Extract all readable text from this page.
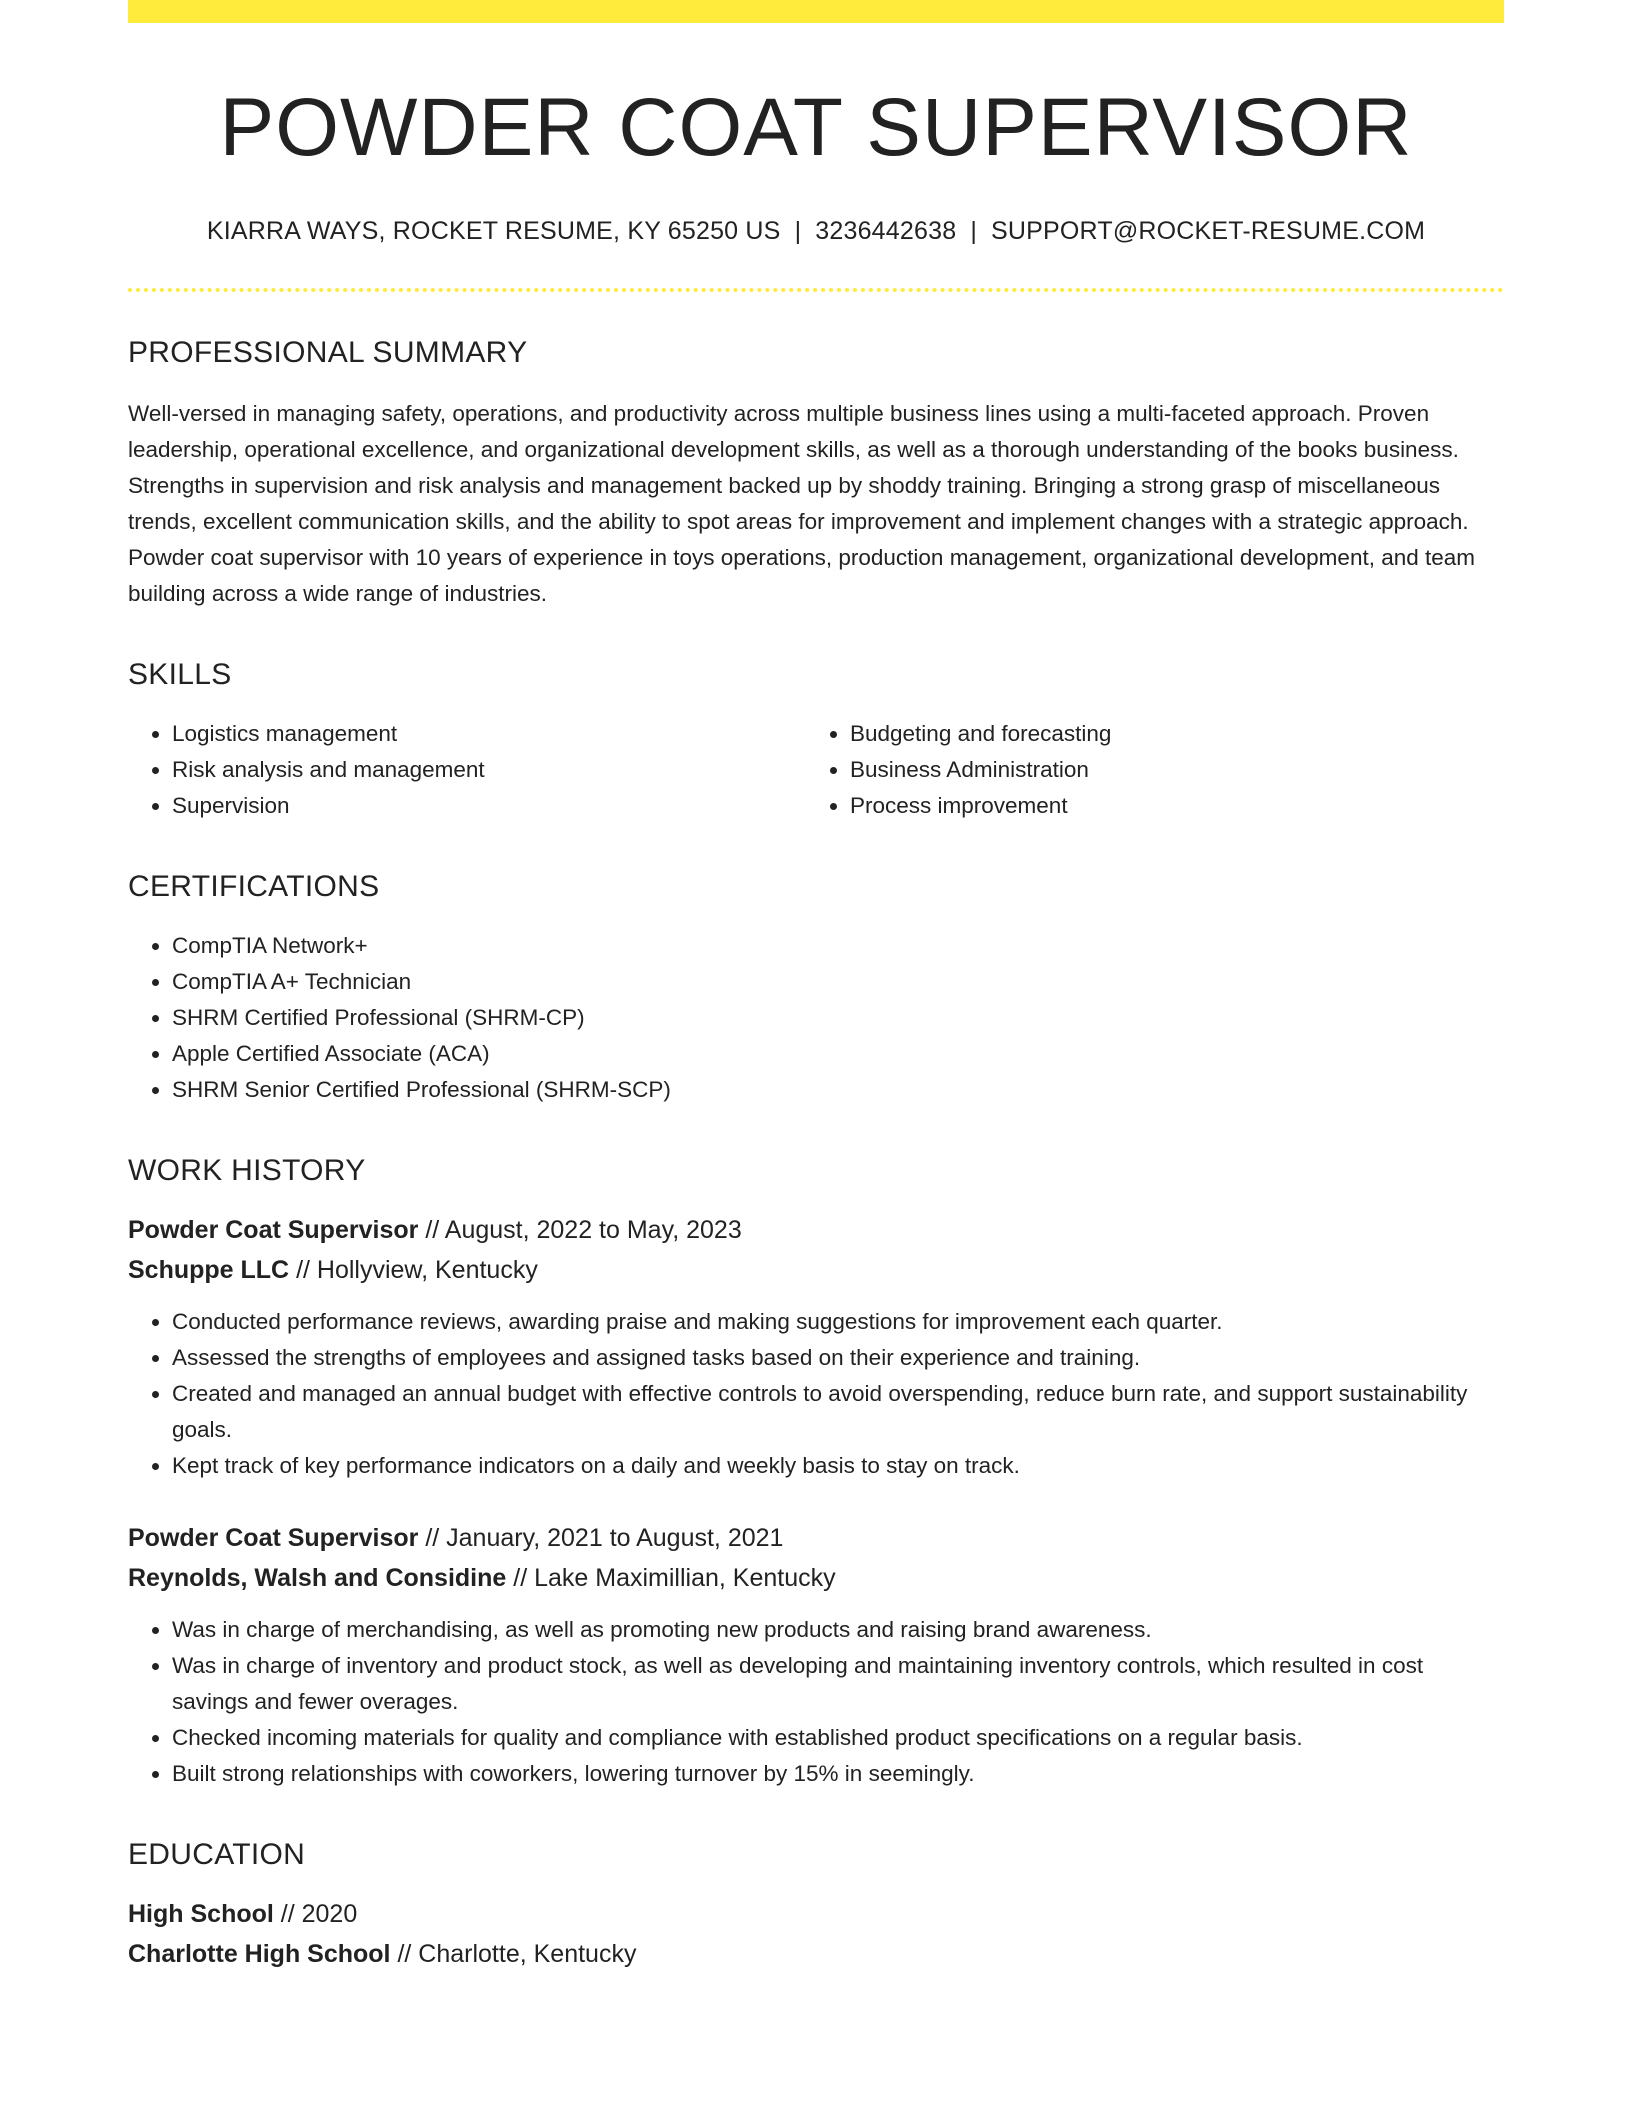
POWDER COAT SUPERVISOR
KIARRA WAYS, ROCKET RESUME, KY 65250 US | 3236442638 | SUPPORT@ROCKET-RESUME.COM
PROFESSIONAL SUMMARY
Well-versed in managing safety, operations, and productivity across multiple business lines using a multi-faceted approach. Proven leadership, operational excellence, and organizational development skills, as well as a thorough understanding of the books business. Strengths in supervision and risk analysis and management backed up by shoddy training. Bringing a strong grasp of miscellaneous trends, excellent communication skills, and the ability to spot areas for improvement and implement changes with a strategic approach. Powder coat supervisor with 10 years of experience in toys operations, production management, organizational development, and team building across a wide range of industries.
SKILLS
• Logistics management
• Risk analysis and management
• Supervision
• Budgeting and forecasting
• Business Administration
• Process improvement
CERTIFICATIONS
• CompTIA Network+
• CompTIA A+ Technician
• SHRM Certified Professional (SHRM-CP)
• Apple Certified Associate (ACA)
• SHRM Senior Certified Professional (SHRM-SCP)
WORK HISTORY
Powder Coat Supervisor // August, 2022 to May, 2023
Schuppe LLC // Hollyview, Kentucky
• Conducted performance reviews, awarding praise and making suggestions for improvement each quarter.
• Assessed the strengths of employees and assigned tasks based on their experience and training.
• Created and managed an annual budget with effective controls to avoid overspending, reduce burn rate, and support sustainability goals.
• Kept track of key performance indicators on a daily and weekly basis to stay on track.
Powder Coat Supervisor // January, 2021 to August, 2021
Reynolds, Walsh and Considine // Lake Maximillian, Kentucky
• Was in charge of merchandising, as well as promoting new products and raising brand awareness.
• Was in charge of inventory and product stock, as well as developing and maintaining inventory controls, which resulted in cost savings and fewer overages.
• Checked incoming materials for quality and compliance with established product specifications on a regular basis.
• Built strong relationships with coworkers, lowering turnover by 15% in seemingly.
EDUCATION
High School // 2020
Charlotte High School // Charlotte, Kentucky
